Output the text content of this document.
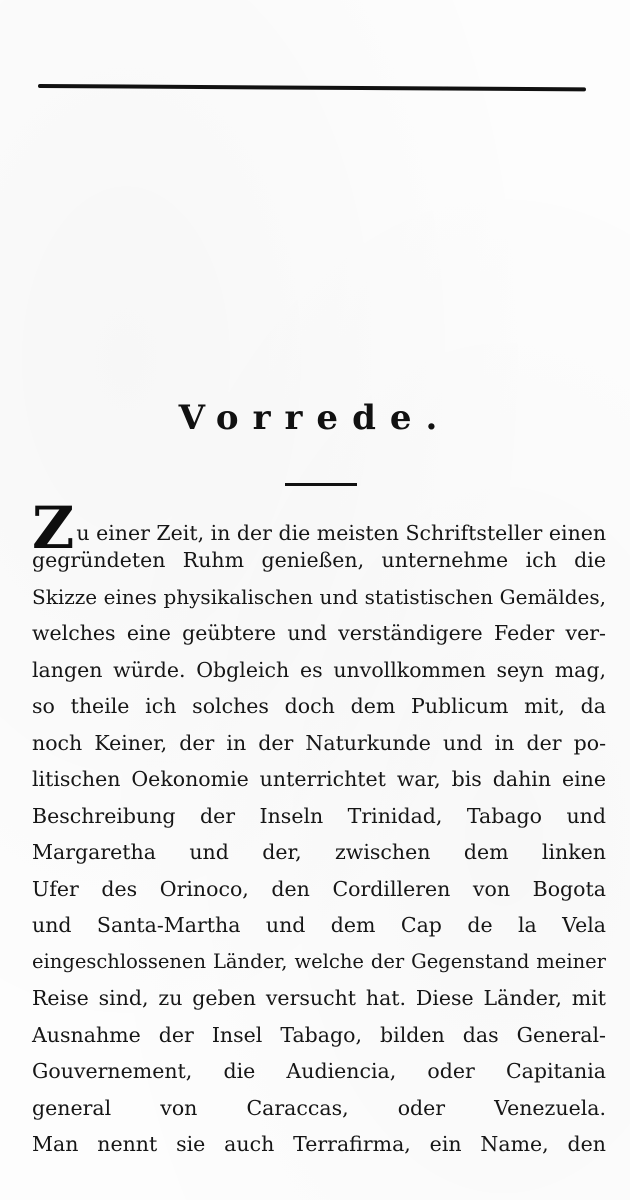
Vorrede.
Zu einer Zeit, in der die meisten Schriftsteller einen
gegründeten Ruhm genießen, unternehme ich die
Skizze eines physikalischen und statistischen Gemäldes,
welches eine geübtere und verständigere Feder ver-
langen würde. Obgleich es unvollkommen seyn mag,
so theile ich solches doch dem Publicum mit, da
noch Keiner, der in der Naturkunde und in der po-
litischen Oekonomie unterrichtet war, bis dahin eine
Beschreibung der Inseln Trinidad, Tabago und
Margaretha und der, zwischen dem linken
Ufer des Orinoco, den Cordilleren von Bogota
und Santa-Martha und dem Cap de la Vela
eingeschlossenen Länder, welche der Gegenstand meiner
Reise sind, zu geben versucht hat. Diese Länder, mit
Ausnahme der Insel Tabago, bilden das General-
Gouvernement, die Audiencia, oder Capitania
general von Caraccas, oder Venezuela.
Man nennt sie auch Terrafirma, ein Name, den
